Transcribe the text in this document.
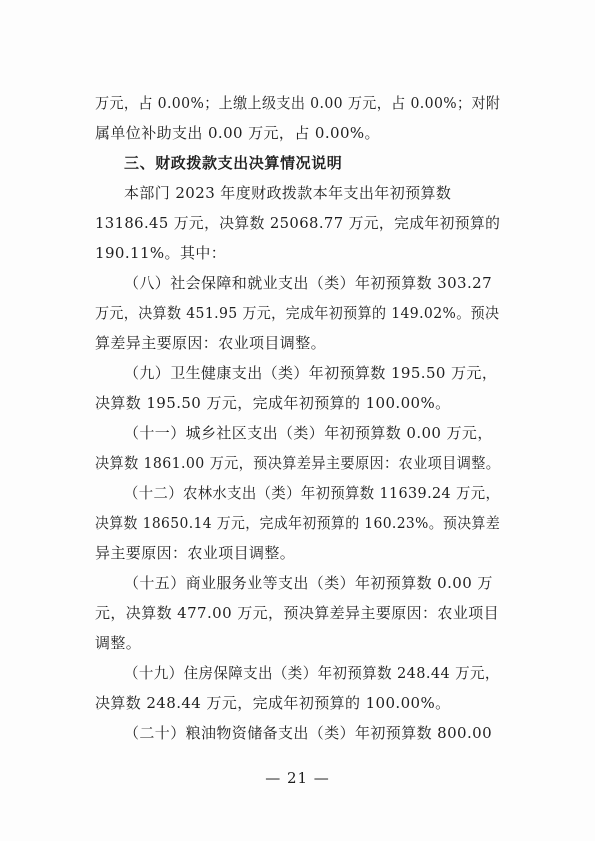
万元，占 0.00%；上缴上级支出 0.00 万元，占 0.00%；对附
属单位补助支出 0.00 万元，占 0.00%。
三、财政拨款支出决算情况说明
本部门 2023 年度财政拨款本年支出年初预算数
13186.45 万元，决算数 25068.77 万元，完成年初预算的
190.11%。其中：
（八）社会保障和就业支出（类）年初预算数 303.27
万元，决算数 451.95 万元，完成年初预算的 149.02%。预决
算差异主要原因：农业项目调整。
（九）卫生健康支出（类）年初预算数 195.50 万元，
决算数 195.50 万元，完成年初预算的 100.00%。
（十一）城乡社区支出（类）年初预算数 0.00 万元，
决算数 1861.00 万元，预决算差异主要原因：农业项目调整。
（十二）农林水支出（类）年初预算数 11639.24 万元，
决算数 18650.14 万元，完成年初预算的 160.23%。预决算差
异主要原因：农业项目调整。
（十五）商业服务业等支出（类）年初预算数 0.00 万
元，决算数 477.00 万元，预决算差异主要原因：农业项目
调整。
（十九）住房保障支出（类）年初预算数 248.44 万元，
决算数 248.44 万元，完成年初预算的 100.00%。
（二十）粮油物资储备支出（类）年初预算数 800.00
— 21 —
